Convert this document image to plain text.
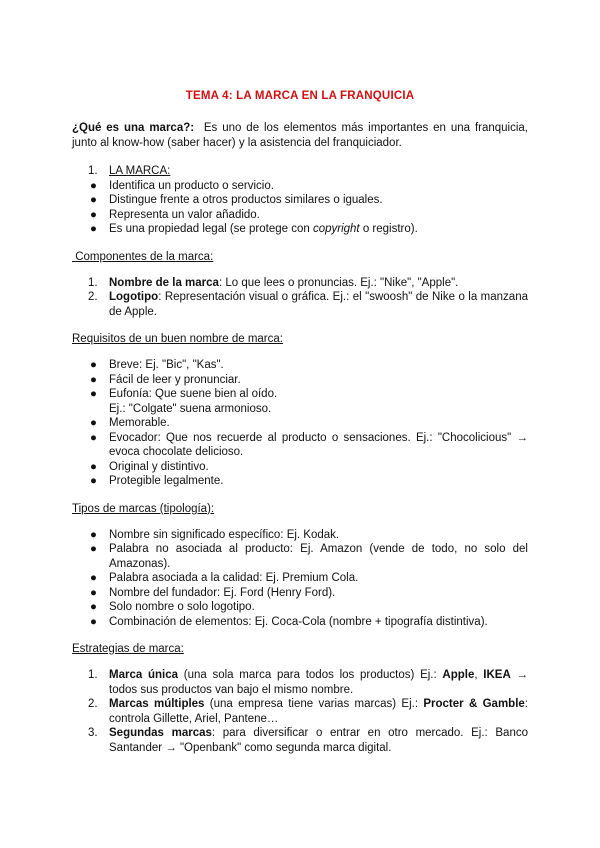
TEMA 4: LA MARCA EN LA FRANQUICIA

¿Qué es una marca?: Es uno de los elementos más importantes en una franquicia, junto al know-how (saber hacer) y la asistencia del franquiciador.

1. LA MARCA:
● Identifica un producto o servicio.
● Distingue frente a otros productos similares o iguales.
● Representa un valor añadido.
● Es una propiedad legal (se protege con copyright o registro).

Componentes de la marca:

1. Nombre de la marca: Lo que lees o pronuncias. Ej.: "Nike", "Apple".
2. Logotipo: Representación visual o gráfica. Ej.: el "swoosh" de Nike o la manzana de Apple.

Requisitos de un buen nombre de marca:

● Breve: Ej. "Bic", "Kas".
● Fácil de leer y pronunciar.
● Eufonía: Que suene bien al oído.
Ej.: "Colgate" suena armonioso.
● Memorable.
● Evocador: Que nos recuerde al producto o sensaciones. Ej.: "Chocolicious" → evoca chocolate delicioso.
● Original y distintivo.
● Protegible legalmente.

Tipos de marcas (tipología):

● Nombre sin significado específico: Ej. Kodak.
● Palabra no asociada al producto: Ej. Amazon (vende de todo, no solo del Amazonas).
● Palabra asociada a la calidad: Ej. Premium Cola.
● Nombre del fundador: Ej. Ford (Henry Ford).
● Solo nombre o solo logotipo.
● Combinación de elementos: Ej. Coca-Cola (nombre + tipografía distintiva).

Estrategias de marca:

1. Marca única (una sola marca para todos los productos) Ej.: Apple, IKEA → todos sus productos van bajo el mismo nombre.
2. Marcas múltiples (una empresa tiene varias marcas) Ej.: Procter & Gamble: controla Gillette, Ariel, Pantene…
3. Segundas marcas: para diversificar o entrar en otro mercado. Ej.: Banco Santander → "Openbank" como segunda marca digital.
